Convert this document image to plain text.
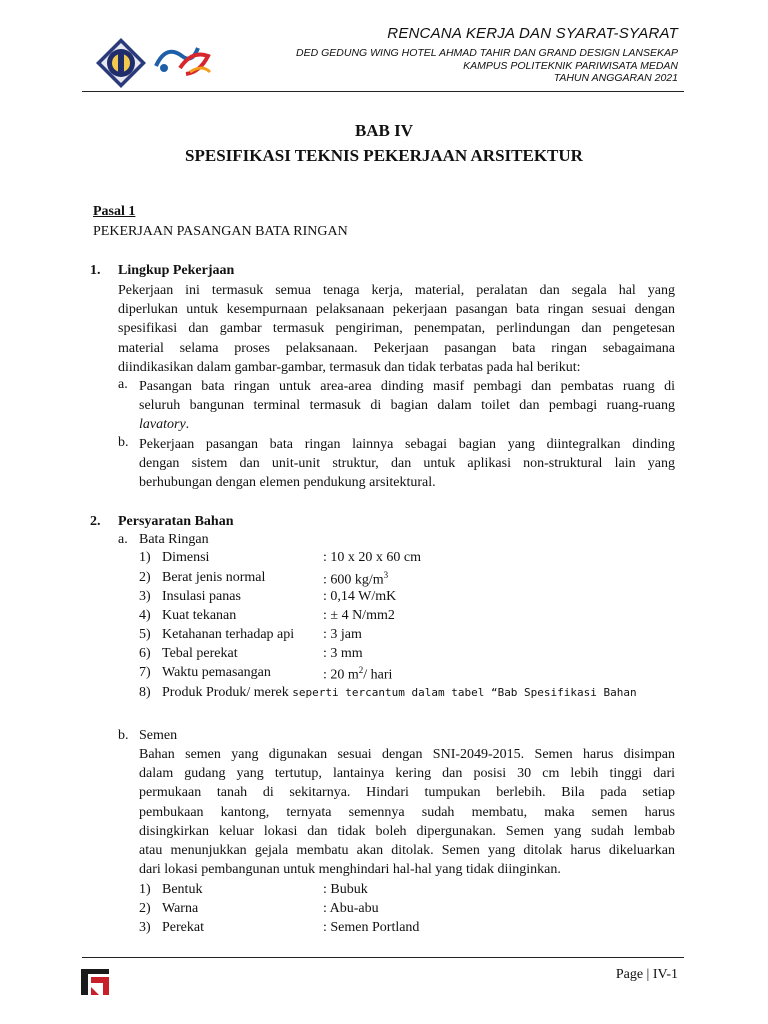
RENCANA KERJA DAN SYARAT-SYARAT
DED GEDUNG WING HOTEL AHMAD TAHIR DAN GRAND DESIGN LANSEKAP
KAMPUS POLITEKNIK PARIWISATA MEDAN
TAHUN ANGGARAN 2021
BAB IV
SPESIFIKASI TEKNIS PEKERJAAN ARSITEKTUR
Pasal 1
PEKERJAAN PASANGAN BATA RINGAN
1. Lingkup Pekerjaan
Pekerjaan ini termasuk semua tenaga kerja, material, peralatan dan segala hal yang
diperlukan untuk kesempurnaan pelaksanaan pekerjaan pasangan bata ringan sesuai dengan
spesifikasi dan gambar termasuk pengiriman, penempatan, perlindungan dan pengetesan
material selama proses pelaksanaan. Pekerjaan pasangan bata ringan sebagaimana
diindikasikan dalam gambar-gambar, termasuk dan tidak terbatas pada hal berikut:
a. Pasangan bata ringan untuk area-area dinding masif pembagi dan pembatas ruang di
seluruh bangunan terminal termasuk di bagian dalam toilet dan pembagi ruang-ruang
lavatory.
b. Pekerjaan pasangan bata ringan lainnya sebagai bagian yang diintegralkan dinding
dengan sistem dan unit-unit struktur, dan untuk aplikasi non-struktural lain yang
berhubungan dengan elemen pendukung arsitektural.
2. Persyaratan Bahan
a. Bata Ringan
1) Dimensi	: 10 x 20 x 60 cm
2) Berat jenis normal	: 600 $kg/m^3$
3) Insulasi panas	: 0,14 W/mK
4) Kuat tekanan	: ± 4 N/mm2
5) Ketahanan terhadap api : 3 jam
6) Tebal perekat	: 3 mm
7) Waktu pemasangan	: 20 $m^2/$ hari
8) Produk Produk/ merek seperti tercantum dalam tabel “Bab Spesifikasi Bahan
b. Semen
Bahan semen yang digunakan sesuai dengan SNI-2049-2015. Semen harus disimpan
dalam gudang yang tertutup, lantainya kering dan posisi 30 cm lebih tinggi dari
permukaan tanah di sekitarnya. Hindari tumpukan berlebih. Bila pada setiap
pembukaan kantong, ternyata semennya sudah membatu, maka semen harus
disingkirkan keluar lokasi dan tidak boleh dipergunakan. Semen yang sudah lembab
atau menunjukkan gejala membatu akan ditolak. Semen yang ditolak harus dikeluarkan
dari lokasi pembangunan untuk menghindari hal-hal yang tidak diinginkan.
1) Bentuk	: Bubuk
2) Warna	: Abu-abu
3) Perekat	: Semen Portland
Page | IV-1
